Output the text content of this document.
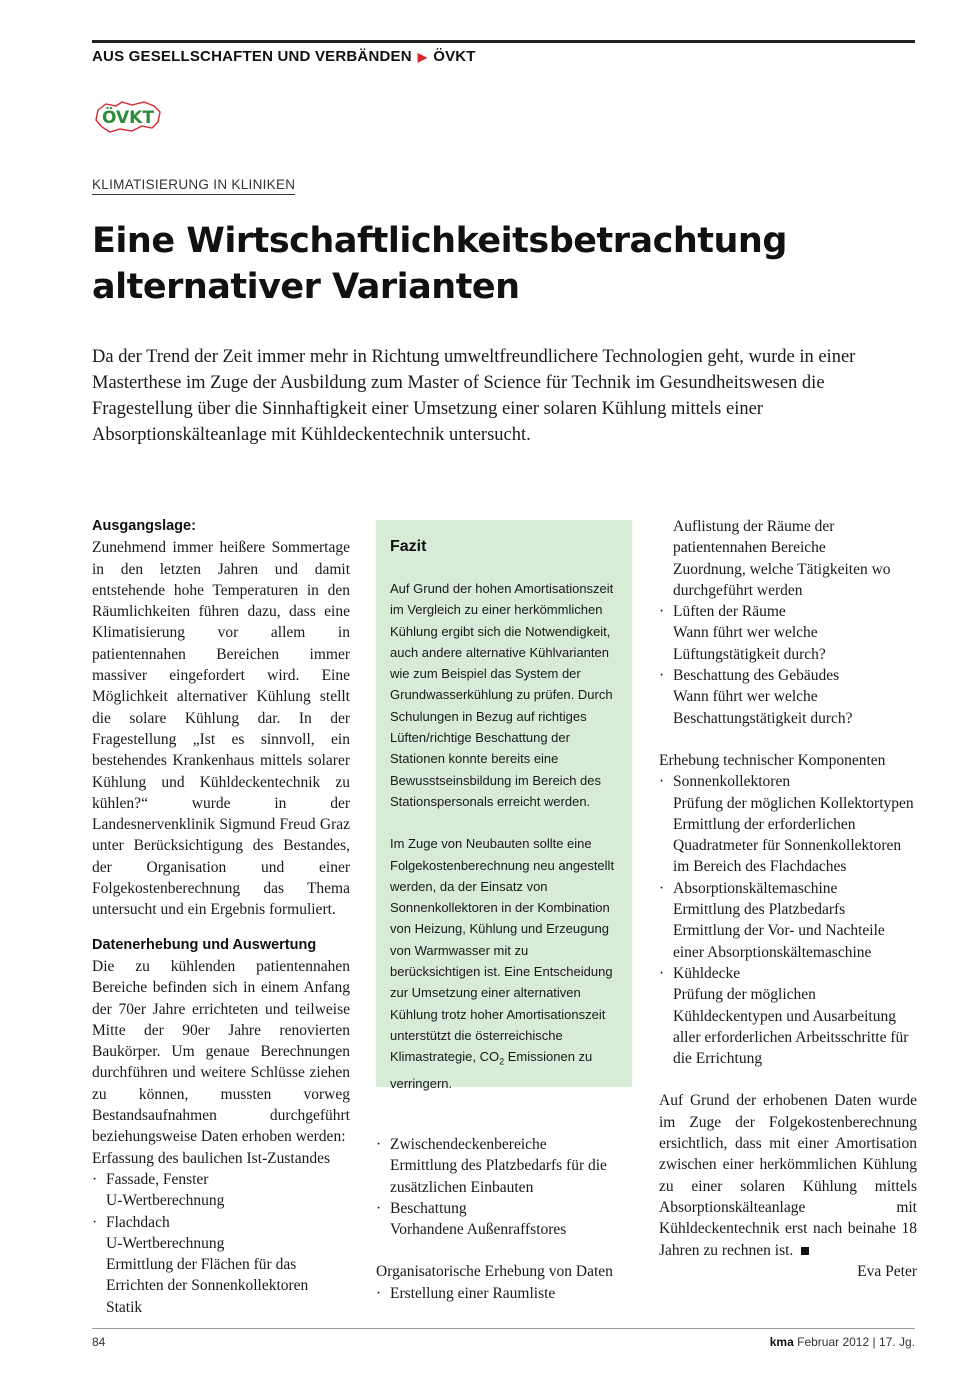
AUS GESELLSCHAFTEN UND VERBÄNDEN ▶ ÖVKT
ÖVKT
KLIMATISIERUNG IN KLINIKEN
Eine Wirtschaftlichkeitsbetrachtung
alternativer Varianten

Da der Trend der Zeit immer mehr in Richtung umweltfreundlichere Technologien geht, wurde in einer Masterthese im Zuge der Ausbildung zum Master of Science für Technik im Gesundheitswesen die Fragestellung über die Sinnhaftigkeit einer Umsetzung einer solaren Kühlung mittels einer Absorptionskälteanlage mit Kühldeckentechnik untersucht.

Ausgangslage:
Zunehmend immer heißere Sommertage in den letzten Jahren und damit entstehende hohe Temperaturen in den Räumlichkeiten führen dazu, dass eine Klimatisierung vor allem in patientennahen Bereichen immer massiver eingefordert wird. Eine Möglichkeit alternativer Kühlung stellt die solare Kühlung dar. In der Fragestellung „Ist es sinnvoll, ein bestehendes Krankenhaus mittels solarer Kühlung und Kühldeckentechnik zu kühlen?“ wurde in der Landesnervenklinik Sigmund Freud Graz unter Berücksichtigung des Bestandes, der Organisation und einer Folgekostenberechnung das Thema untersucht und ein Ergebnis formuliert.
Datenerhebung und Auswertung
Die zu kühlenden patientennahen Bereiche befinden sich in einem Anfang der 70er Jahre errichteten und teilweise Mitte der 90er Jahre renovierten Baukörper. Um genaue Berechnungen durchführen und weitere Schlüsse ziehen zu können, mussten vorweg Bestandsaufnahmen durchgeführt beziehungsweise Daten erhoben werden:
Erfassung des baulichen Ist-Zustandes
· Fassade, Fenster
U-Wertberechnung
· Flachdach
U-Wertberechnung
Ermittlung der Flächen für das Errichten der Sonnenkollektoren
Statik
Fazit
Auf Grund der hohen Amortisationszeit im Vergleich zu einer herkömmlichen Kühlung ergibt sich die Notwendigkeit, auch andere alternative Kühlvarianten wie zum Beispiel das System der Grundwasserkühlung zu prüfen. Durch Schulungen in Bezug auf richtiges Lüften/richtige Beschattung der Stationen konnte bereits eine Bewusstseinsbildung im Bereich des Stationspersonals erreicht werden.
Im Zuge von Neubauten sollte eine Folgekostenberechnung neu angestellt werden, da der Einsatz von Sonnenkollektoren in der Kombination von Heizung, Kühlung und Erzeugung von Warmwasser mit zu berücksichtigen ist. Eine Entscheidung zur Umsetzung einer alternativen Kühlung trotz hoher Amortisationszeit unterstützt die österreichische Klimastrategie, $CO_2$ Emissionen zu verringern.
· Zwischendeckenbereiche
Ermittlung des Platzbedarfs für die zusätzlichen Einbauten
· Beschattung
Vorhandene Außenraffstores
Organisatorische Erhebung von Daten
· Erstellung einer Raumliste
Auflistung der Räume der patientennahen Bereiche
Zuordnung, welche Tätigkeiten wo durchgeführt werden
· Lüften der Räume
Wann führt wer welche Lüftungstätigkeit durch?
· Beschattung des Gebäudes
Wann führt wer welche Beschattungstätigkeit durch?
Erhebung technischer Komponenten
· Sonnenkollektoren
Prüfung der möglichen Kollektortypen
Ermittlung der erforderlichen Quadratmeter für Sonnenkollektoren im Bereich des Flachdaches
· Absorptionskältemaschine
Ermittlung des Platzbedarfs
Ermittlung der Vor- und Nachteile einer Absorptionskältemaschine
· Kühldecke
Prüfung der möglichen Kühldeckentypen und Ausarbeitung aller erforderlichen Arbeitsschritte für die Errichtung
Auf Grund der erhobenen Daten wurde im Zuge der Folgekostenberechnung ersichtlich, dass mit einer Amortisation zwischen einer herkömmlichen Kühlung zu einer solaren Kühlung mittels Absorptionskälteanlage mit Kühldeckentechnik erst nach beinahe 18 Jahren zu rechnen ist.
Eva Peter
84	kma Februar 2012 | 17. Jg.
